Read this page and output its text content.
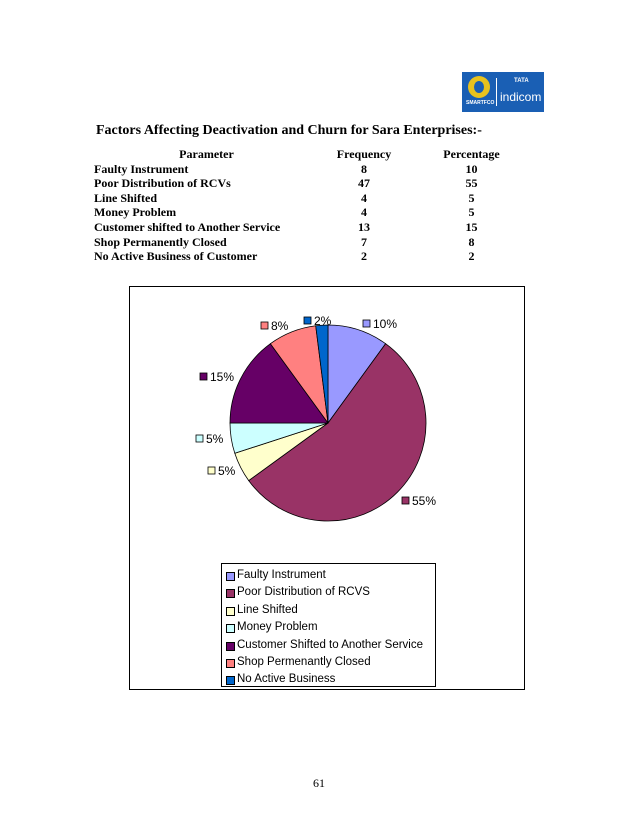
SMARTFCO
TATA
indicom
Factors Affecting Deactivation and Churn for Sara Enterprises:-
Parameter	Frequency	Percentage
Faulty Instrument	8	10
Poor Distribution of RCVs	47	55
Line Shifted	4	5
Money Problem	4	5
Customer shifted to Another Service	13	15
Shop Permanently Closed	7	8
No Active Business of Customer	2	2
10%
55%
5%
5%
15%
8% 2%
Faulty Instrument
Poor Distribution of RCVS
Line Shifted
Money Problem
Customer Shifted to Another Service
Shop Permenantly Closed
No Active Business
61
